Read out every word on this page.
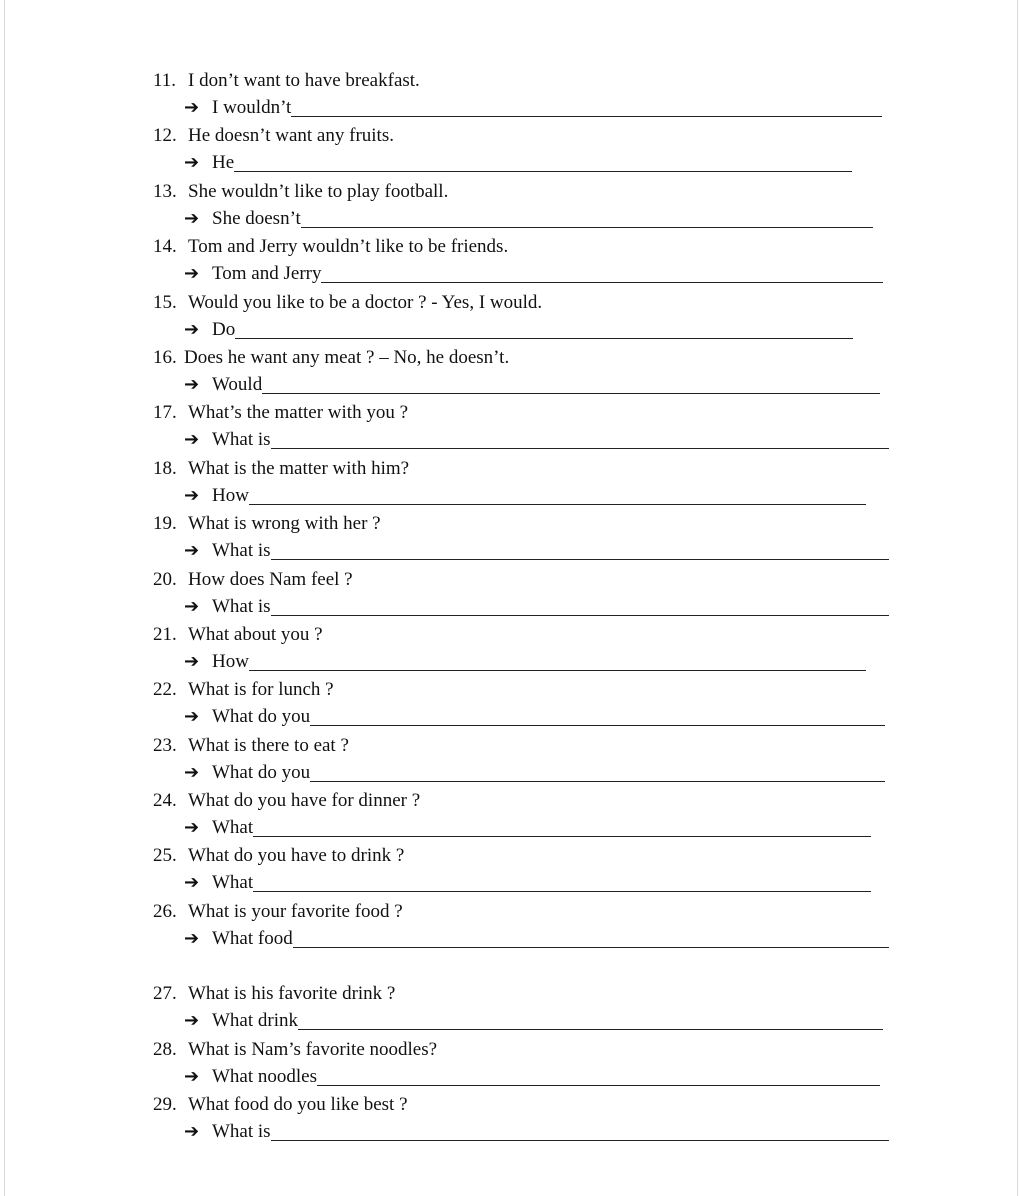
11. I don’t want to have breakfast.
➔ I wouldn’t
12. He doesn’t want any fruits.
➔ He
13. She wouldn’t like to play football.
➔ She doesn’t
14. Tom and Jerry wouldn’t like to be friends.
➔ Tom and Jerry
15. Would you like to be a doctor ? - Yes, I would.
➔ Do
16. Does he want any meat ? – No, he doesn’t.
➔ Would
17. What’s the matter with you ?
➔ What is
18. What is the matter with him?
➔ How
19. What is wrong with her ?
➔ What is
20. How does Nam feel ?
➔ What is
21. What about you ?
➔ How
22. What is for lunch ?
➔ What do you
23. What is there to eat ?
➔ What do you
24. What do you have for dinner ?
➔ What
25. What do you have to drink ?
➔ What
26. What is your favorite food ?
➔ What food
27. What is his favorite drink ?
➔ What drink
28. What is Nam’s favorite noodles?
➔ What noodles
29. What food do you like best ?
➔ What is
